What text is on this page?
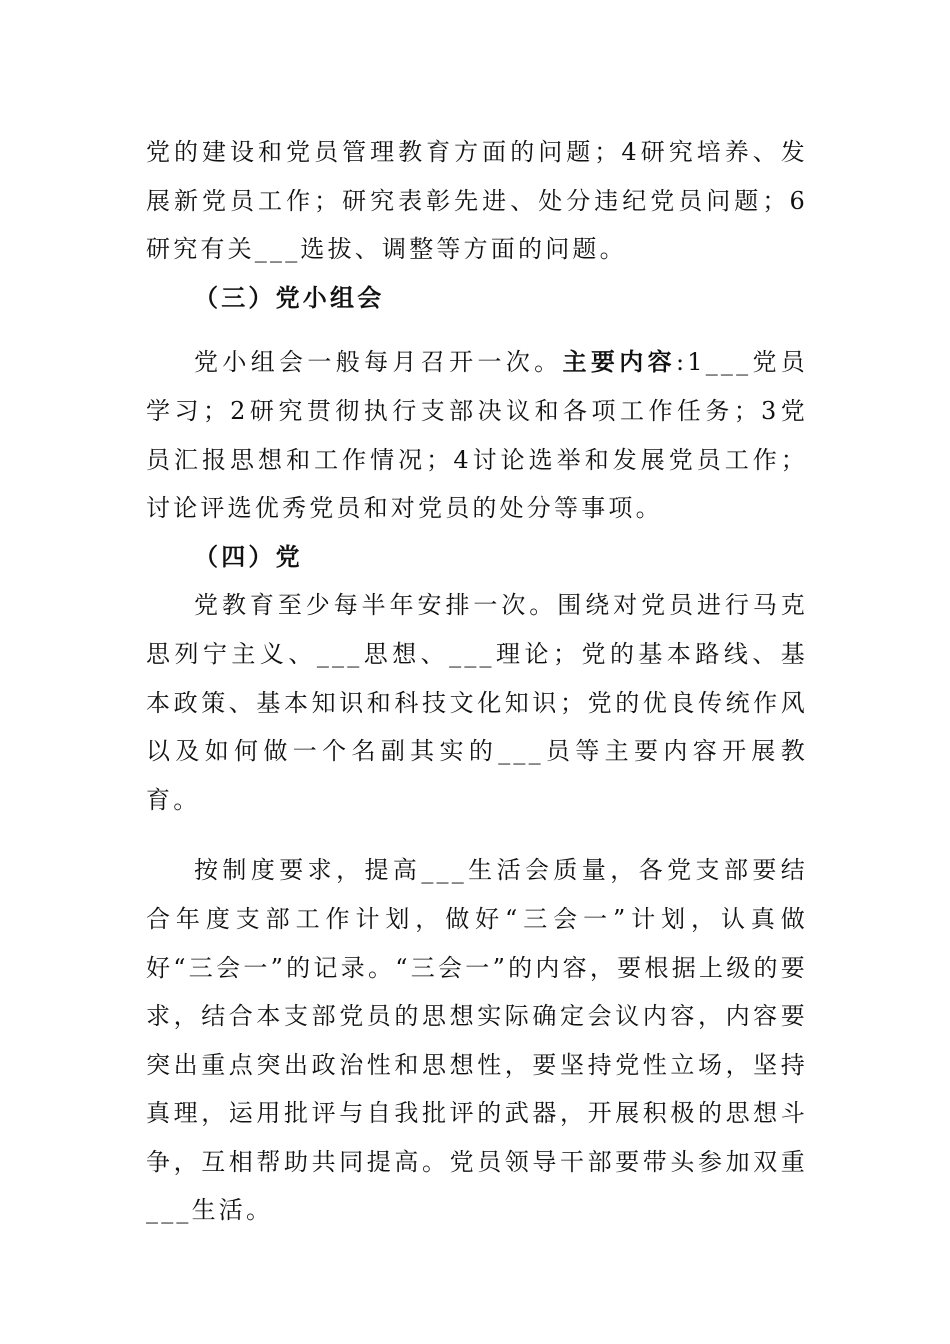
党的建设和党员管理教育方面的问题；4研究培养、发展新党员工作；研究表彰先进、处分违纪党员问题；6研究有关___选拔、调整等方面的问题。

（三）党小组会

党小组会一般每月召开一次。主要内容:1___党员学习；2研究贯彻执行支部决议和各项工作任务；3党员汇报思想和工作情况；4讨论选举和发展党员工作；讨论评选优秀党员和对党员的处分等事项。

（四）党

党教育至少每半年安排一次。围绕对党员进行马克思列宁主义、___思想、___理论；党的基本路线、基本政策、基本知识和科技文化知识；党的优良传统作风以及如何做一个名副其实的___员等主要内容开展教育。

按制度要求，提高___生活会质量，各党支部要结合年度支部工作计划，做好“三会一”计划，认真做好“三会一”的记录。“三会一”的内容，要根据上级的要求，结合本支部党员的思想实际确定会议内容，内容要突出重点突出政治性和思想性，要坚持党性立场，坚持真理，运用批评与自我批评的武器，开展积极的思想斗争，互相帮助共同提高。党员领导干部要带头参加双重___生活。
